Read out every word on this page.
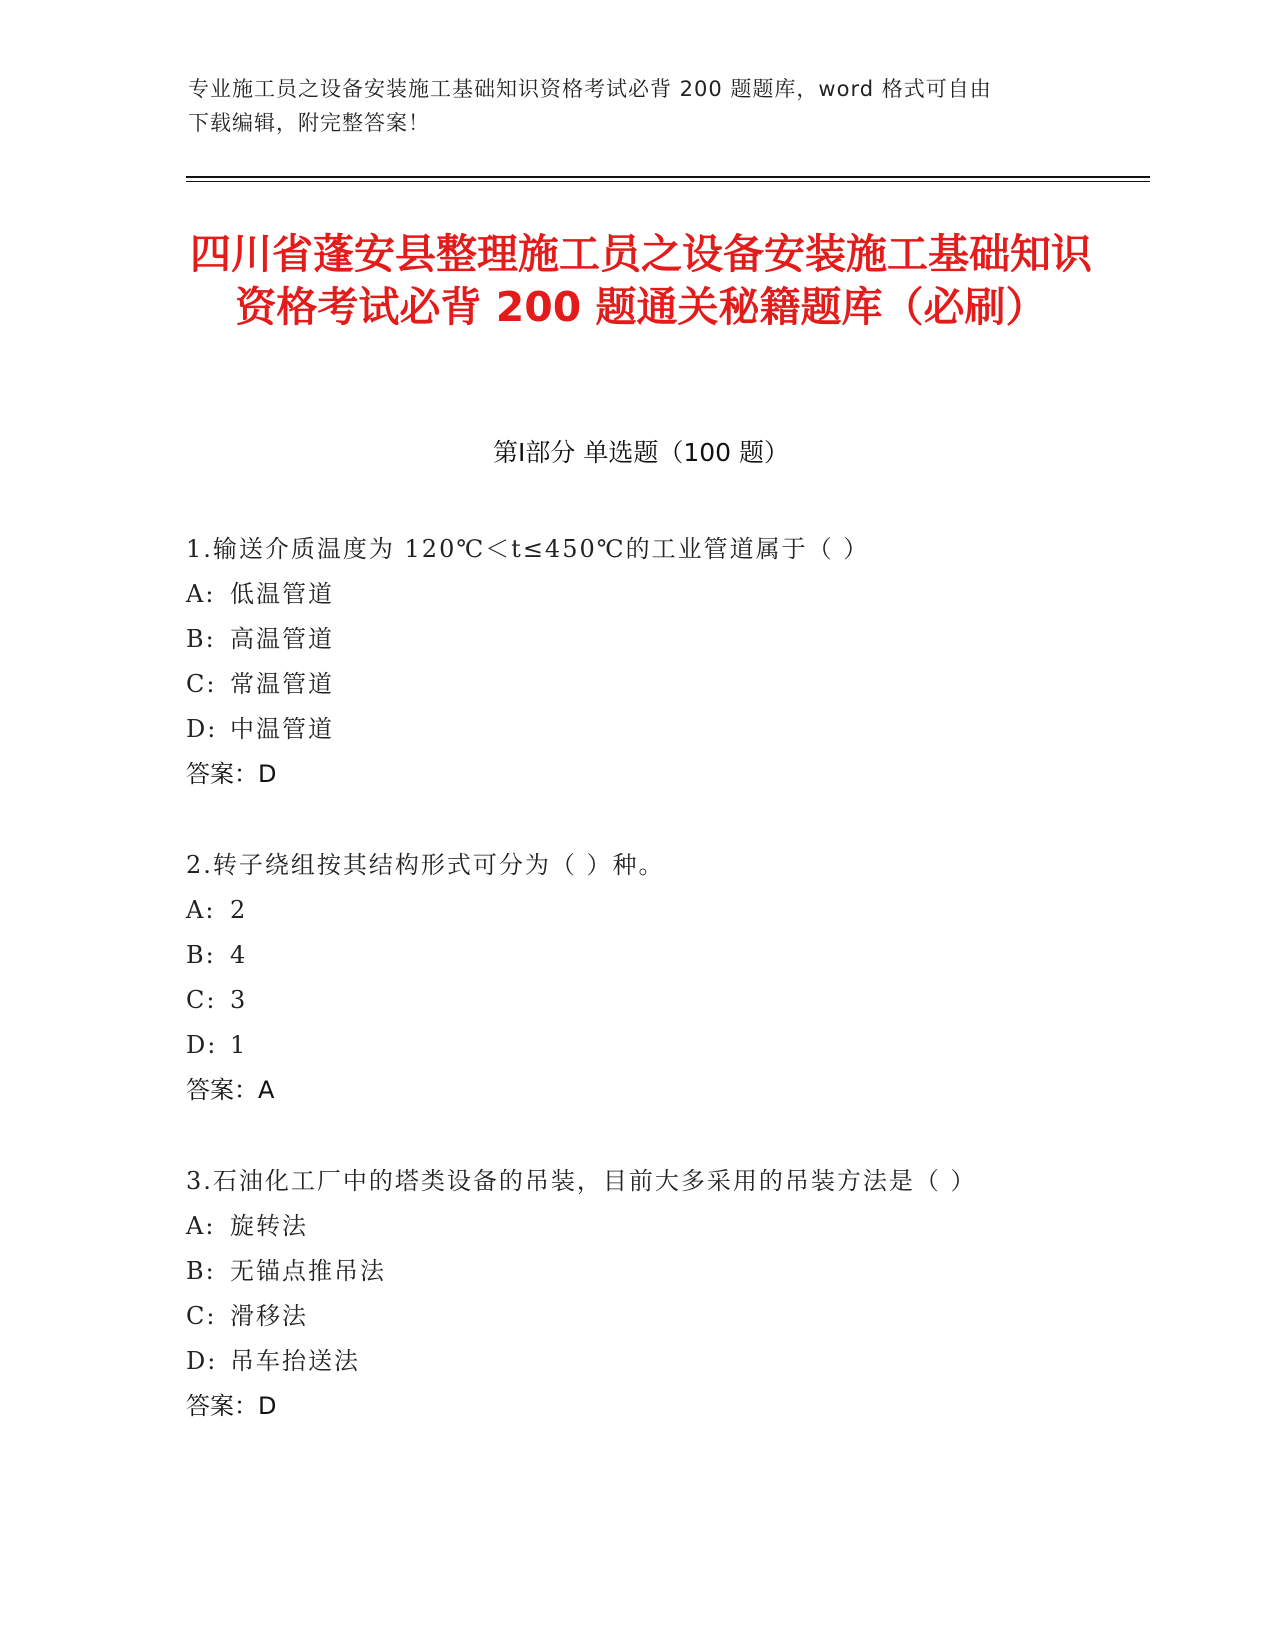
专业施工员之设备安装施工基础知识资格考试必背 200 题题库，word 格式可自由
下载编辑，附完整答案！
四川省蓬安县整理施工员之设备安装施工基础知识资格考试必背 200 题通关秘籍题库（必刷）
第Ⅰ部分 单选题（100 题）
1.输送介质温度为 120℃＜t≤450℃的工业管道属于（ ）
A: 低温管道
B: 高温管道
C: 常温管道
D: 中温管道
答案：D
2.转子绕组按其结构形式可分为（ ）种。
A: 2
B: 4
C: 3
D: 1
答案：A
3.石油化工厂中的塔类设备的吊装，目前大多采用的吊装方法是（ ）
A: 旋转法
B: 无锚点推吊法
C: 滑移法
D: 吊车抬送法
答案：D
